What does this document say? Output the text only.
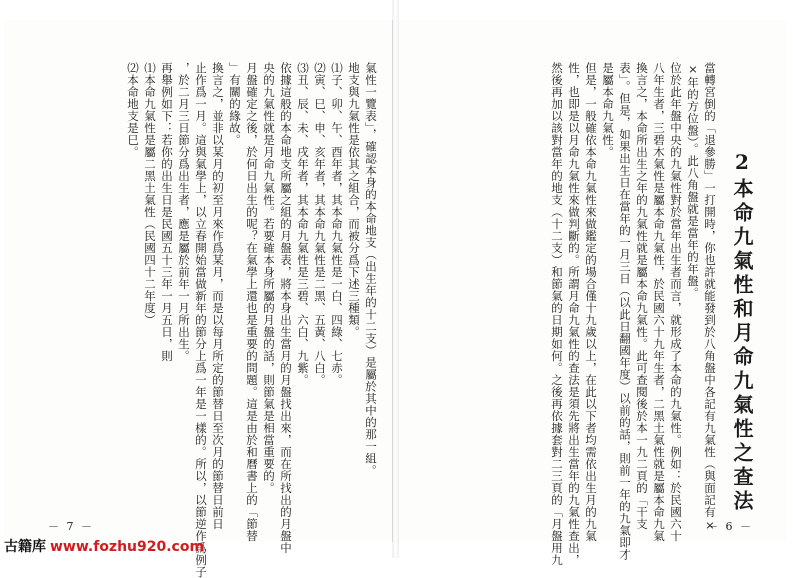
氣性一覽表」，確認本身的本命地支（出生年的十二支）是屬於其中的那一組。
地支與九氣性是依其之組合，而被分爲下述三種類。
⑴子、卯、午、酉年者，其本命九氣性是一白、四綠、七赤。
⑵寅、巳、申、亥年者，其本命九氣性是二黑、五黃、八白。
⑶丑、辰、未、戌年者，其本命九氣性是三碧、六白、九紫。
依據這般的本命地支所屬之組的月盤表，將本身出生當月的月盤找出來，而在所找出的月盤中
央的九氣性就是月命九氣性。若要確本身所屬的月盤的話，則節氣是相當重要的。
月盤確定之後，於何日出生的呢？在氣學上還也是重要的問題。這是由於和曆書上的「節替
」有關的緣故。
換言之，並非以某月的初至月來作爲某月，而是以每月所定的節替日至次月的節替日前日
止作爲一月。這與氣學上，以立春開始當做新年的節分上爲一年是一樣的。所以，以節逆作爲例子
，於二月三日節分爲出生者，應是屬於前年一月所出生。
再舉例如下：若你的出生日是民國五十三年一月五日，則
⑴本命九氣性是屬二黑土氣性（民國四十二年度）
⑵本命地支是巳。
－ 7 －
2本命九氣性和月命九氣性之查法
當轉宮倒的「退參勝」一打開時，你也許就能發到於八角盤中各記有九氣性（與面記有×
×年的方位盤）。此八角盤就是當年的年盤。
位於此年盤中央的九氣性對於當年出生者而言，就形成了本命的九氣性。例如：於民國六十
八年生者，三碧木氣性是屬本命九氣性，於民國六十九年生者，二黑土氣性就是屬本命九氣
換言之，本命所出生之年的九氣性就是屬本命九氣性。此可查閱後於本一九二頁的「干支
表」。但是，如果出生日在當年的一月三日（以此日翻國年度）以前的話，則前一年的九氣即才
是屬本命九氣性。
但是，一般確依本命九氣性來做鑑定的場合僅十九歲以上，在此以下者均需依出生月的九氣
性，也即是以月命九氣性來做判斷的。所謂月命九氣性的查法是須先將出生當年的九氣性查出，
然後再加以該對當年的地支（十二支）和節氣的日期如何。之後再依據套對二三頁的「月盤用九	－ 6 －
古籍库 www.fozhu920.com
